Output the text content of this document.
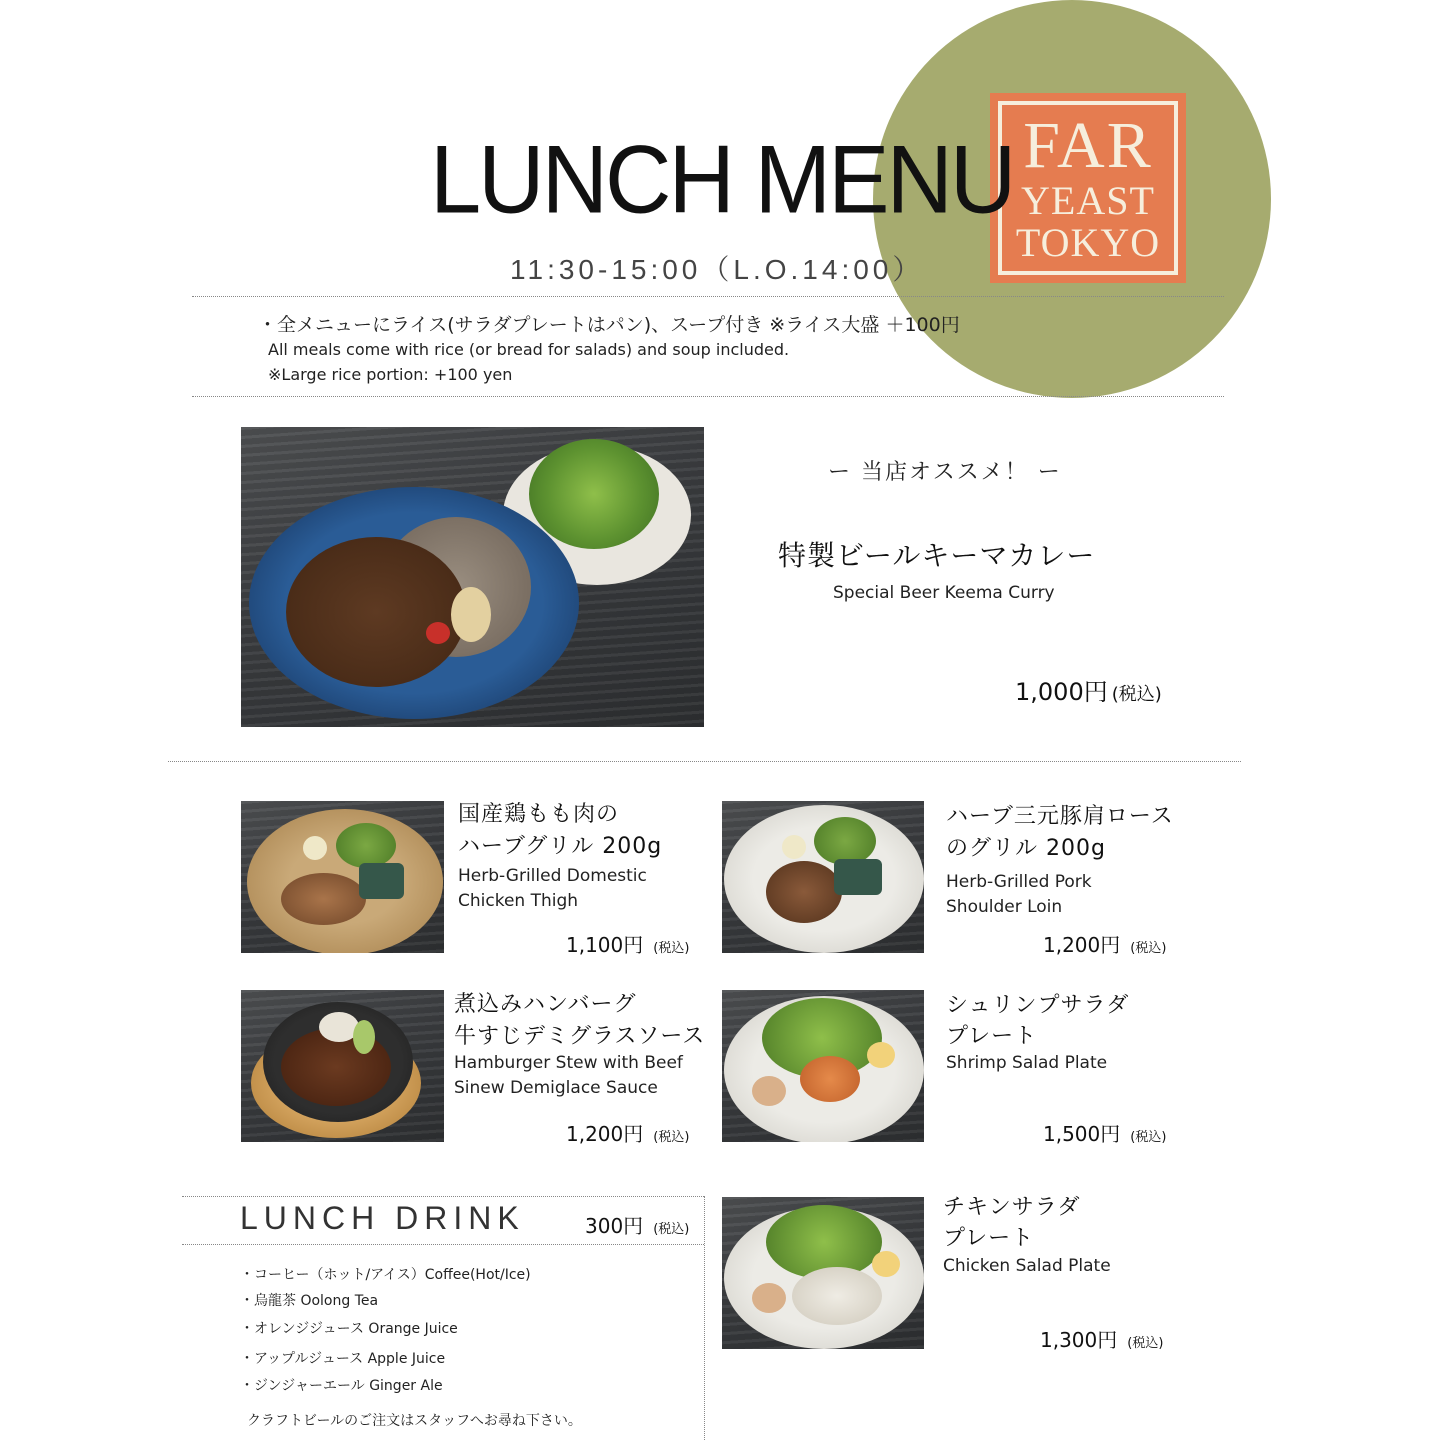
FAR
YEAST
TOKYO
LUNCH MENU
11:30-15:00（L.O.14:00）
・全メニューにライス(サラダプレートはパン)、スープ付き ※ライス大盛 ＋100円
All meals come with rice (or bread for salads) and soup included.
※Large rice portion: +100 yen
ー 当店オススメ！ ー
特製ビールキーマカレー
Special Beer Keema Curry
1,000円 (税込)
国産鶏もも肉の
ハーブグリル 200g
Herb-Grilled Domestic
Chicken Thigh
1,100円 (税込)
ハーブ三元豚肩ロース
のグリル 200g
Herb-Grilled Pork
Shoulder Loin
1,200円 (税込)
煮込みハンバーグ
牛すじデミグラスソース
Hamburger Stew with Beef
Sinew Demiglace Sauce
1,200円 (税込)
シュリンプサラダ
プレート
Shrimp Salad Plate
1,500円 (税込)
LUNCH DRINK	300円 (税込)
・コーヒー（ホット/アイス）Coffee(Hot/Ice)
・烏龍茶 Oolong Tea
・オレンジジュース Orange Juice
・アップルジュース Apple Juice
・ジンジャーエール Ginger Ale
クラフトビールのご注文はスタッフへお尋ね下さい。
チキンサラダ
プレート
Chicken Salad Plate
1,300円 (税込)
